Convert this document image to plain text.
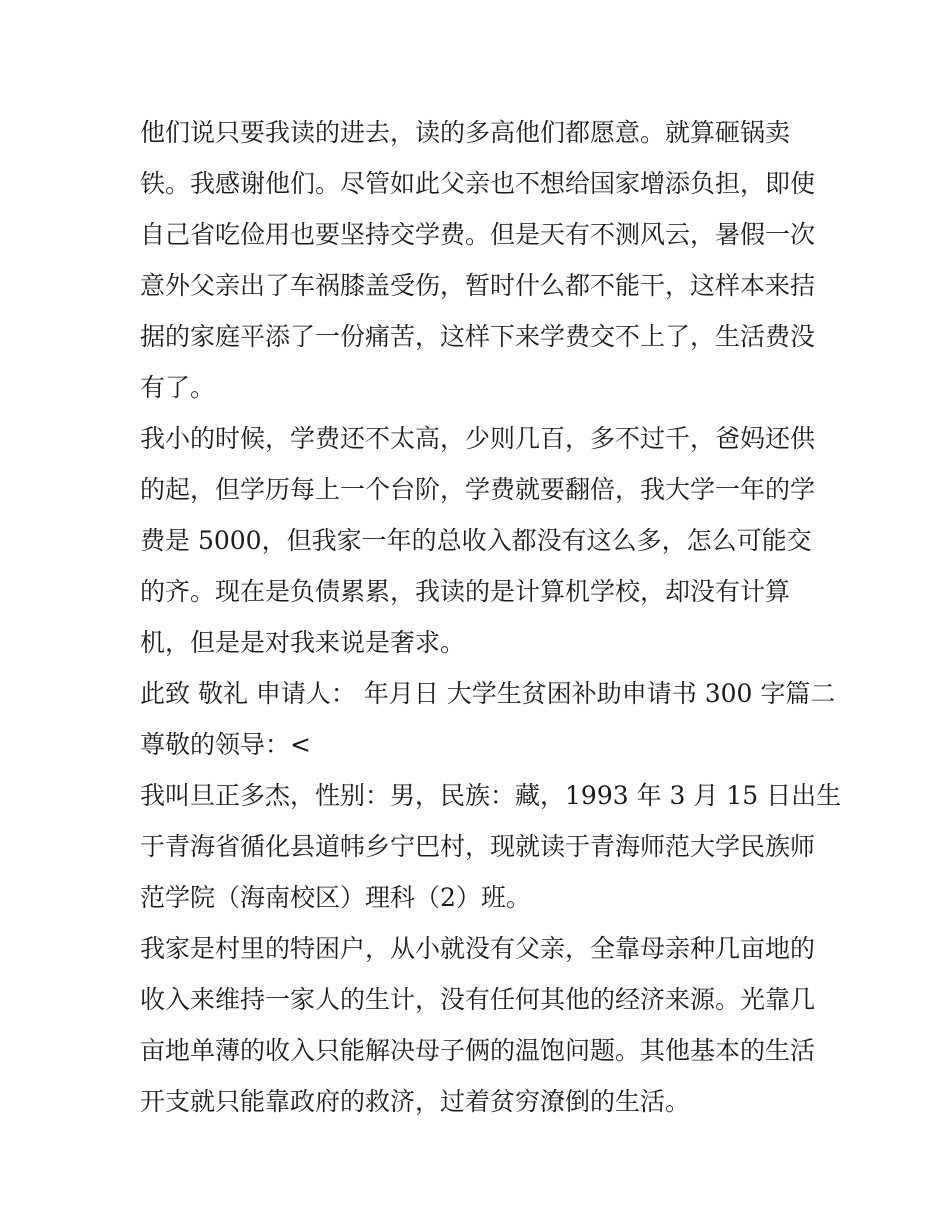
他们说只要我读的进去，读的多高他们都愿意。就算砸锅卖
铁。我感谢他们。尽管如此父亲也不想给国家增添负担，即使
自己省吃俭用也要坚持交学费。但是天有不测风云，暑假一次
意外父亲出了车祸膝盖受伤，暂时什么都不能干，这样本来拮
据的家庭平添了一份痛苦，这样下来学费交不上了，生活费没
有了。
我小的时候，学费还不太高，少则几百，多不过千，爸妈还供
的起，但学历每上一个台阶，学费就要翻倍，我大学一年的学
费是 5000，但我家一年的总收入都没有这么多，怎么可能交
的齐。现在是负债累累，我读的是计算机学校，却没有计算
机，但是是对我来说是奢求。
此致 敬礼 申请人： 年月日 大学生贫困补助申请书 300 字篇二
尊敬的领导：<
我叫旦正多杰，性别：男，民族：藏，1993 年 3 月 15 日出生
于青海省循化县道帏乡宁巴村，现就读于青海师范大学民族师
范学院（海南校区）理科（2）班。
我家是村里的特困户，从小就没有父亲，全靠母亲种几亩地的
收入来维持一家人的生计，没有任何其他的经济来源。光靠几
亩地单薄的收入只能解决母子俩的温饱问题。其他基本的生活
开支就只能靠政府的救济，过着贫穷潦倒的生活。
